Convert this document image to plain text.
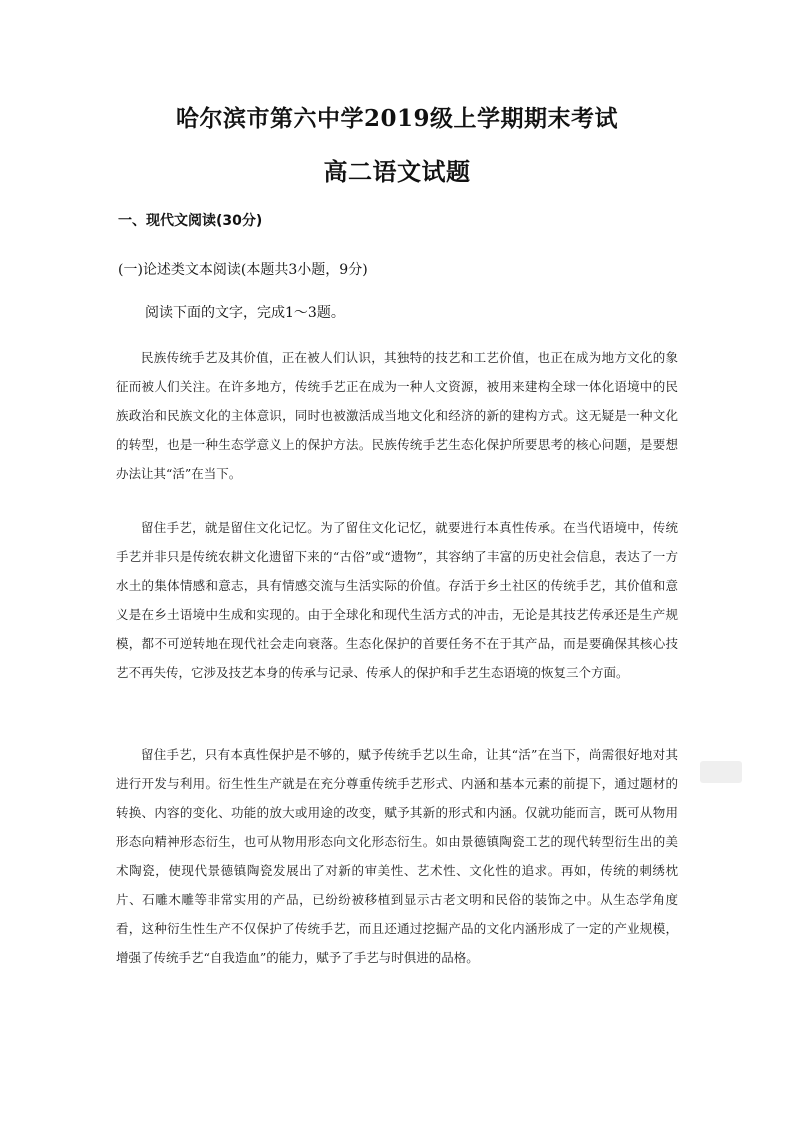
哈尔滨市第六中学2019级上学期期末考试
高二语文试题
一、现代文阅读(30分)
(一)论述类文本阅读(本题共3小题，9分)
阅读下面的文字，完成1～3题。

民族传统手艺及其价值，正在被人们认识，其独特的技艺和工艺价值，也正在成为地方文化的象征而被人们关注。在许多地方，传统手艺正在成为一种人文资源，被用来建构全球一体化语境中的民族政治和民族文化的主体意识，同时也被激活成当地文化和经济的新的建构方式。这无疑是一种文化的转型，也是一种生态学意义上的保护方法。民族传统手艺生态化保护所要思考的核心问题，是要想办法让其“活”在当下。

留住手艺，就是留住文化记忆。为了留住文化记忆，就要进行本真性传承。在当代语境中，传统手艺并非只是传统农耕文化遗留下来的“古俗”或“遗物”，其容纳了丰富的历史社会信息，表达了一方水土的集体情感和意志，具有情感交流与生活实际的价值。存活于乡土社区的传统手艺，其价值和意义是在乡土语境中生成和实现的。由于全球化和现代生活方式的冲击，无论是其技艺传承还是生产规模，都不可逆转地在现代社会走向衰落。生态化保护的首要任务不在于其产品，而是要确保其核心技艺不再失传，它涉及技艺本身的传承与记录、传承人的保护和手艺生态语境的恢复三个方面。

留住手艺，只有本真性保护是不够的，赋予传统手艺以生命，让其“活”在当下，尚需很好地对其进行开发与利用。衍生性生产就是在充分尊重传统手艺形式、内涵和基本元素的前提下，通过题材的转换、内容的变化、功能的放大或用途的改变，赋予其新的形式和内涵。仅就功能而言，既可从物用形态向精神形态衍生，也可从物用形态向文化形态衍生。如由景德镇陶瓷工艺的现代转型衍生出的美术陶瓷，使现代景德镇陶瓷发展出了对新的审美性、艺术性、文化性的追求。再如，传统的刺绣枕片、石雕木雕等非常实用的产品，已纷纷被移植到显示古老文明和民俗的装饰之中。从生态学角度看，这种衍生性生产不仅保护了传统手艺，而且还通过挖掘产品的文化内涵形成了一定的产业规模，增强了传统手艺“自我造血”的能力，赋予了手艺与时俱进的品格。
